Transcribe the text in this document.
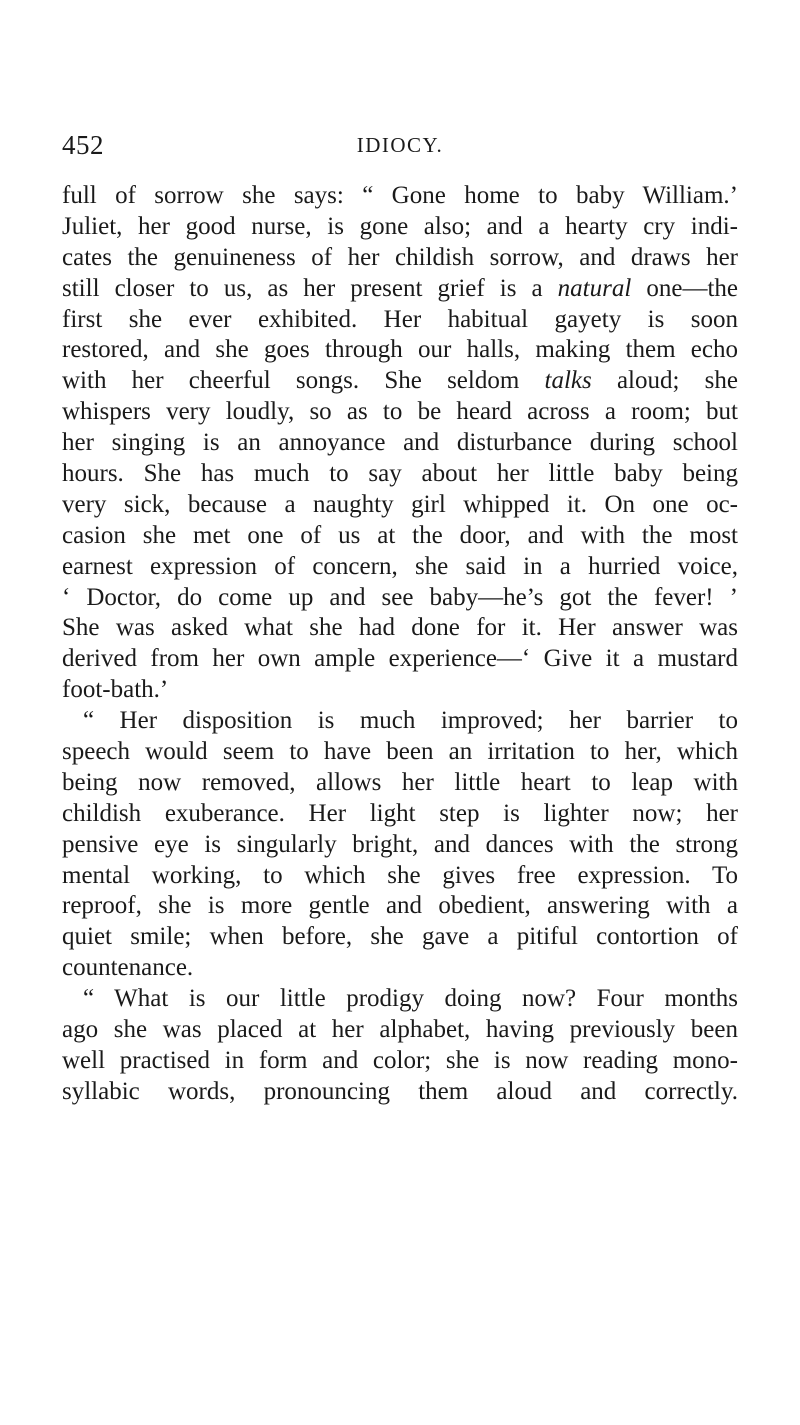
452	IDIOCY.
full of sorrow she says: “ Gone home to baby William.’
Juliet, her good nurse, is gone also; and a hearty cry indi-
cates the genuineness of her childish sorrow, and draws her
still closer to us, as her present grief is a natural one—the
first she ever exhibited. Her habitual gayety is soon
restored, and she goes through our halls, making them echo
with her cheerful songs. She seldom talks aloud; she
whispers very loudly, so as to be heard across a room; but
her singing is an annoyance and disturbance during school
hours. She has much to say about her little baby being
very sick, because a naughty girl whipped it. On one oc-
casion she met one of us at the door, and with the most
earnest expression of concern, she said in a hurried voice,
‘ Doctor, do come up and see baby—he’s got the fever! ’
She was asked what she had done for it. Her answer was
derived from her own ample experience—‘ Give it a mustard
foot-bath.’
“ Her disposition is much improved; her barrier to
speech would seem to have been an irritation to her, which
being now removed, allows her little heart to leap with
childish exuberance. Her light step is lighter now; her
pensive eye is singularly bright, and dances with the strong
mental working, to which she gives free expression. To
reproof, she is more gentle and obedient, answering with a
quiet smile; when before, she gave a pitiful contortion of
countenance.
“ What is our little prodigy doing now? Four months
ago she was placed at her alphabet, having previously been
well practised in form and color; she is now reading mono-
syllabic words, pronouncing them aloud and correctly.
